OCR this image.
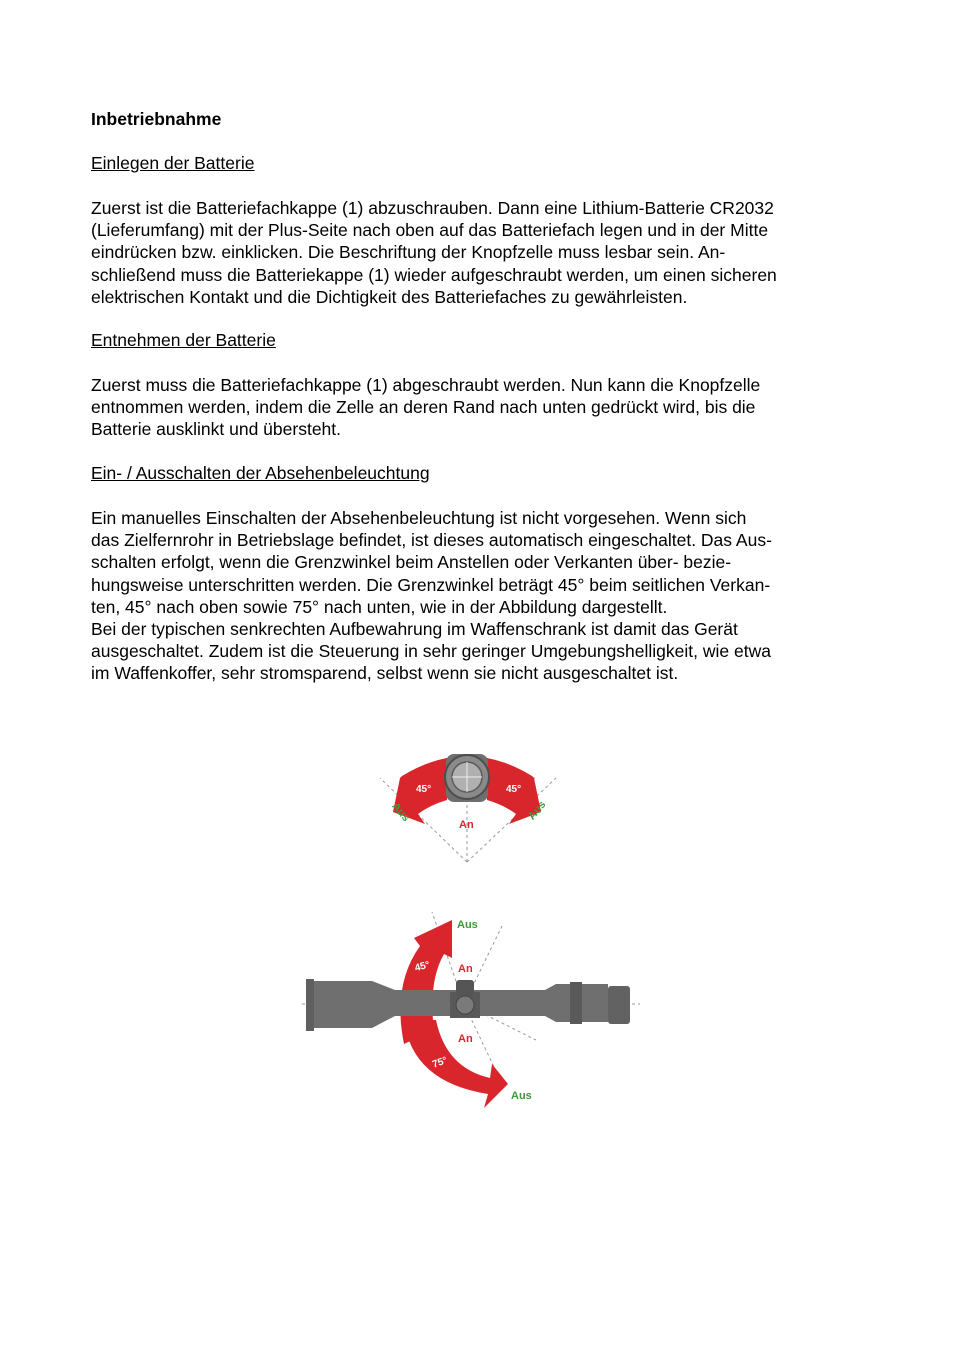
Inbetriebnahme
Einlegen der Batterie
Zuerst ist die Batteriefachkappe (1) abzuschrauben. Dann eine Lithium-Batterie CR2032
(Lieferumfang) mit der Plus-Seite nach oben auf das Batteriefach legen und in der Mitte
eindrücken bzw. einklicken. Die Beschriftung der Knopfzelle muss lesbar sein. An-
schließend muss die Batteriekappe (1) wieder aufgeschraubt werden, um einen sicheren
elektrischen Kontakt und die Dichtigkeit des Batteriefaches zu gewährleisten.
Entnehmen der Batterie
Zuerst muss die Batteriefachkappe (1) abgeschraubt werden. Nun kann die Knopfzelle
entnommen werden, indem die Zelle an deren Rand nach unten gedrückt wird, bis die
Batterie ausklinkt und übersteht.
Ein- / Ausschalten der Absehenbeleuchtung
Ein manuelles Einschalten der Absehenbeleuchtung ist nicht vorgesehen. Wenn sich
das Zielfernrohr in Betriebslage befindet, ist dieses automatisch eingeschaltet. Das Aus-
schalten erfolgt, wenn die Grenzwinkel beim Anstellen oder Verkanten über- bezie-
hungsweise unterschritten werden. Die Grenzwinkel beträgt 45° beim seitlichen Verkan-
ten, 45° nach oben sowie 75° nach unten, wie in der Abbildung dargestellt.
Bei der typischen senkrechten Aufbewahrung im Waffenschrank ist damit das Gerät
ausgeschaltet. Zudem ist die Steuerung in sehr geringer Umgebungshelligkeit, wie etwa
im Waffenkoffer, sehr stromsparend, selbst wenn sie nicht ausgeschaltet ist.
45°	45°
An
Aus	Aus
45°
75°
Aus
An
An
Aus
